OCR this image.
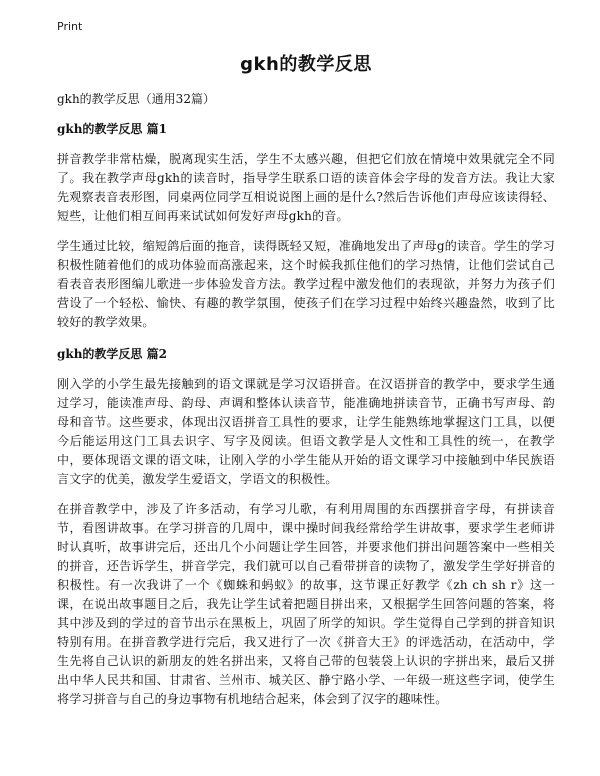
Print
gkh的教学反思
gkh的教学反思（通用32篇）
gkh的教学反思 篇1

拼音教学非常枯燥，脱离现实生活，学生不太感兴趣，但把它们放在情境中效果就完全不同了。我在教学声母gkh的读音时，指导学生联系口语的读音体会字母的发音方法。我让大家先观察表音表形图，同桌两位同学互相说说图上画的是什么?然后告诉他们声母应该读得轻、短些，让他们相互间再来试试如何发好声母gkh的音。

学生通过比较，缩短鸽后面的拖音，读得既轻又短，准确地发出了声母g的读音。学生的学习积极性随着他们的成功体验而高涨起来，这个时候我抓住他们的学习热情，让他们尝试自己看表音表形图编儿歌进一步体验发音方法。教学过程中激发他们的表现欲，并努力为孩子们营设了一个轻松、愉快、有趣的教学氛围，使孩子们在学习过程中始终兴趣盎然，收到了比较好的教学效果。

gkh的教学反思 篇2

刚入学的小学生最先接触到的语文课就是学习汉语拼音。在汉语拼音的教学中，要求学生通过学习，能读准声母、韵母、声调和整体认读音节，能准确地拼读音节，正确书写声母、韵母和音节。这些要求，体现出汉语拼音工具性的要求，让学生能熟练地掌握这门工具，以便今后能运用这门工具去识字、写字及阅读。但语文教学是人文性和工具性的统一，在教学中，要体现语文课的语文味，让刚入学的小学生能从开始的语文课学习中接触到中华民族语言文字的优美，激发学生爱语文，学语文的积极性。

在拼音教学中，涉及了许多活动，有学习儿歌，有利用周围的东西摆拼音字母，有拼读音节，看图讲故事。在学习拼音的几周中，课中操时间我经常给学生讲故事，要求学生老师讲时认真听，故事讲完后，还出几个小问题让学生回答，并要求他们拼出问题答案中一些相关的拼音，还告诉学生，拼音学完，我们就可以自己看带拼音的读物了，激发学生学好拼音的积极性。有一次我讲了一个《蜘蛛和蚂蚁》的故事，这节课正好教学《zh ch sh r》这一课，在说出故事题目之后，我先让学生试着把题目拼出来，又根据学生回答问题的答案，将其中涉及到的学过的音节出示在黑板上，巩固了所学的知识。学生觉得自己学到的拼音知识特别有用。在拼音教学进行完后，我又进行了一次《拼音大王》的评选活动，在活动中，学生先将自己认识的新朋友的姓名拼出来，又将自己带的包装袋上认识的字拼出来，最后又拼出中华人民共和国、甘肃省、兰州市、城关区、静宁路小学、一年级一班这些字词，使学生将学习拼音与自己的身边事物有机地结合起来，体会到了汉字的趣味性。
